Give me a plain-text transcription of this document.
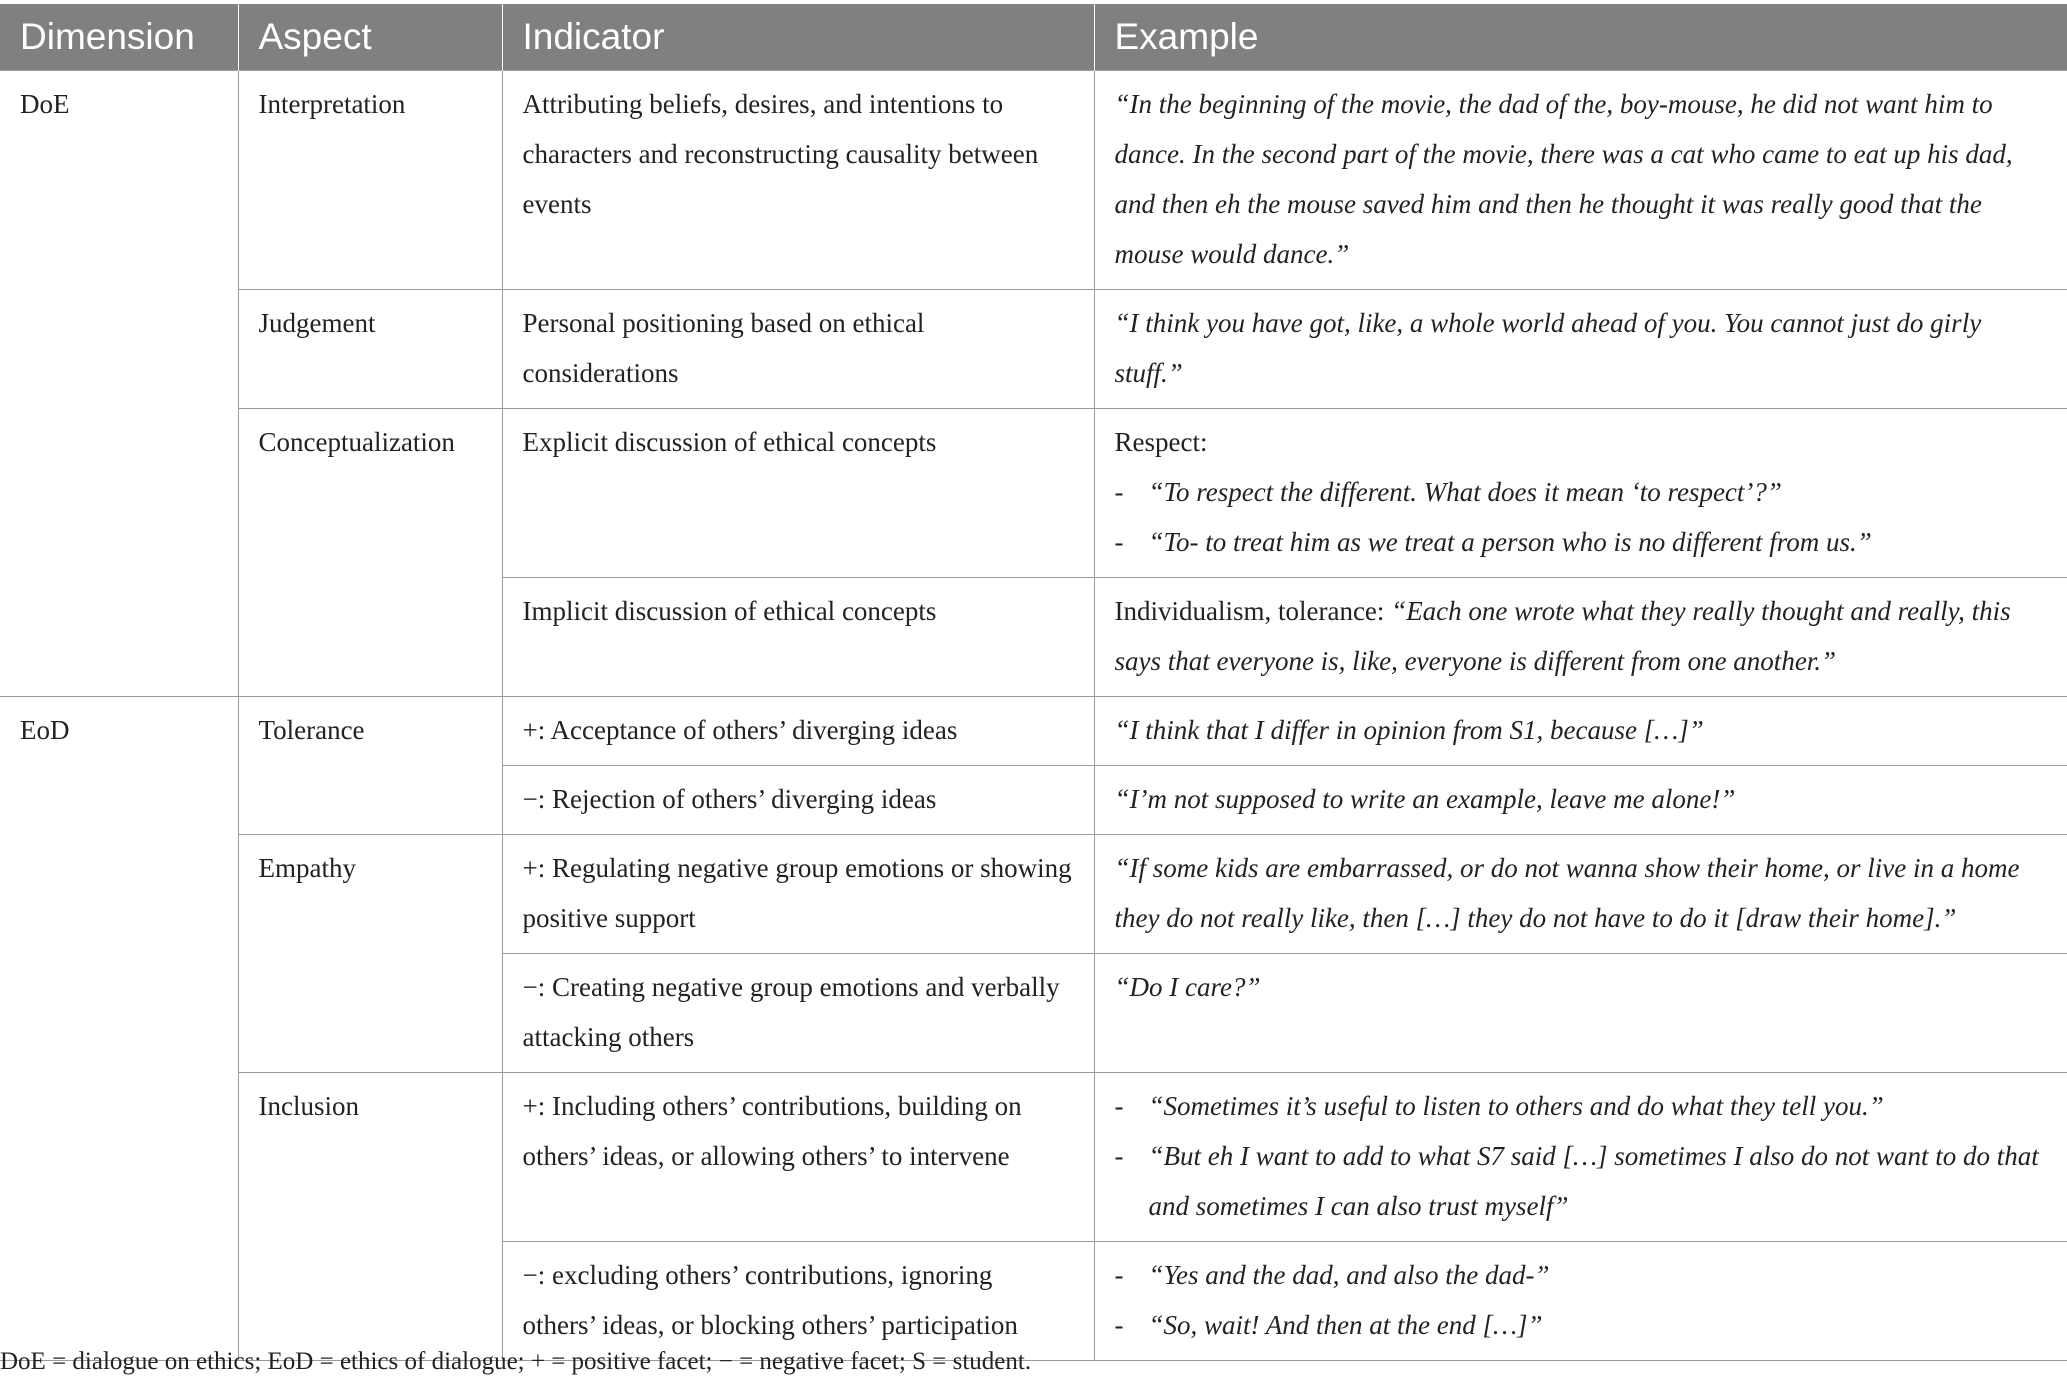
Dimension	Aspect	Indicator	Example
DoE	Interpretation	Attributing beliefs, desires, and intentions to characters and reconstructing causality between events	“In the beginning of the movie, the dad of the, boy-mouse, he did not want him to dance. In the second part of the movie, there was a cat who came to eat up his dad, and then eh the mouse saved him and then he thought it was really good that the mouse would dance.”
	Judgement	Personal positioning based on ethical considerations	“I think you have got, like, a whole world ahead of you. You cannot just do girly stuff.”
	Conceptualization	Explicit discussion of ethical concepts	Respect:
- “To respect the different. What does it mean ‘to respect’?”
- “To- to treat him as we treat a person who is no different from us.”

		Implicit discussion of ethical concepts	Individualism, tolerance: “Each one wrote what they really thought and really, this says that everyone is, like, everyone is different from one another.”
EoD	Tolerance	+: Acceptance of others’ diverging ideas	“I think that I differ in opinion from S1, because […]”
		−: Rejection of others’ diverging ideas	“I’m not supposed to write an example, leave me alone!”
	Empathy	+: Regulating negative group emotions or showing positive support	“If some kids are embarrassed, or do not wanna show their home, or live in a home they do not really like, then […] they do not have to do it [draw their home].”
		−: Creating negative group emotions and verbally attacking others	“Do I care?”
	Inclusion	+: Including others’ contributions, building on others’ ideas, or allowing others’ to intervene	- “Sometimes it’s useful to listen to others and do what they tell you.”
- “But eh I want to add to what S7 said […] sometimes I also do not want to do that and sometimes I can also trust myself”

		−: excluding others’ contributions, ignoring others’ ideas, or blocking others’ participation	- “Yes and the dad, and also the dad-”
- “So, wait! And then at the end […]”
DoE = dialogue on ethics; EoD = ethics of dialogue; + = positive facet; − = negative facet; S = student.
